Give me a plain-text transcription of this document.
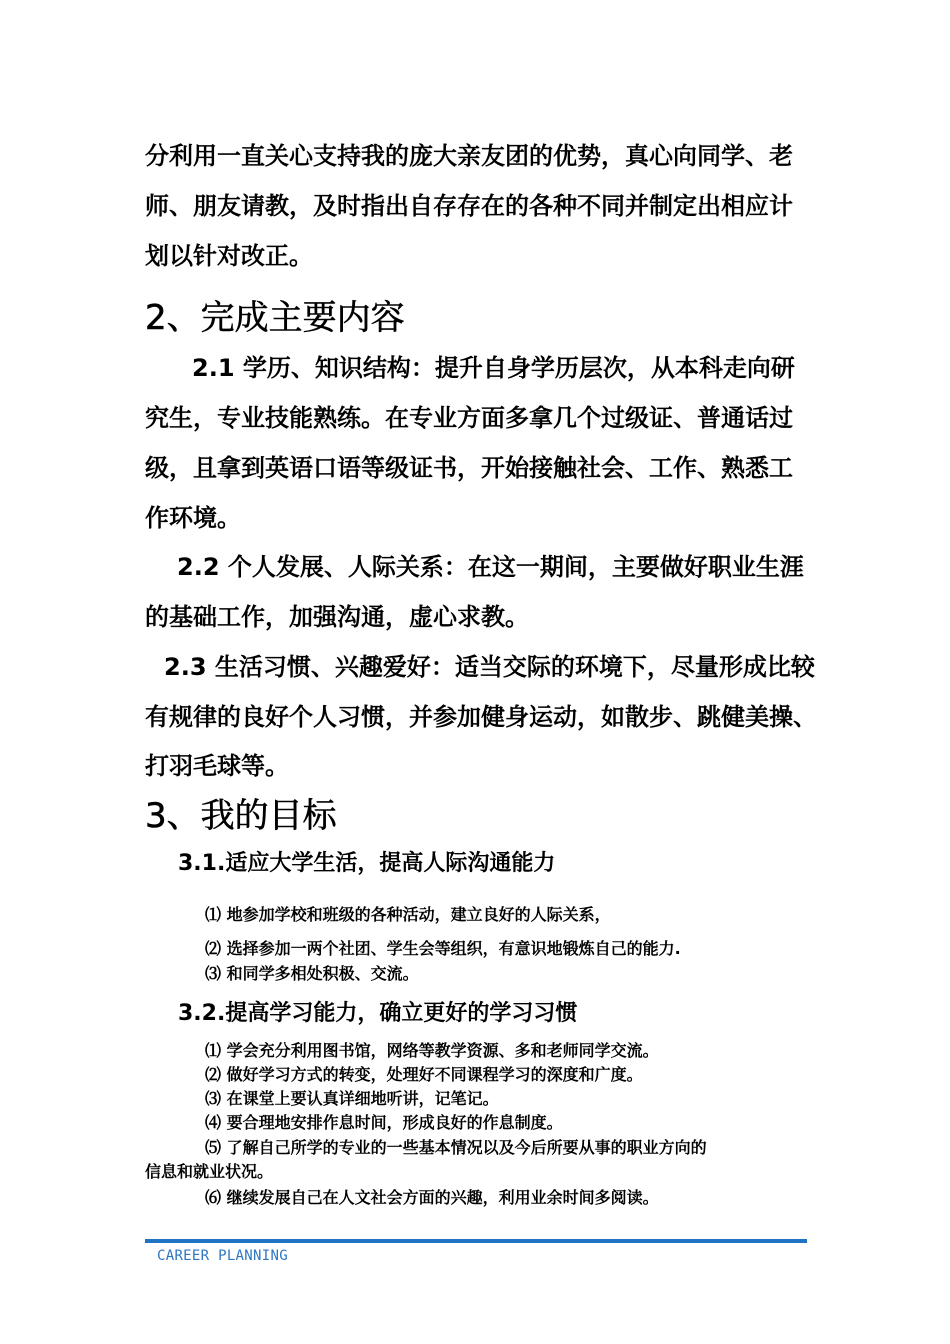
分利用一直关心支持我的庞大亲友团的优势，真心向同学、老
师、朋友请教，及时指出自存存在的各种不同并制定出相应计
划以针对改正。
2、完成主要内容
2.1 学历、知识结构：提升自身学历层次，从本科走向研
究生，专业技能熟练。在专业方面多拿几个过级证、普通话过
级，且拿到英语口语等级证书，开始接触社会、工作、熟悉工
作环境。
2.2 个人发展、人际关系：在这一期间，主要做好职业生涯
的基础工作，加强沟通，虚心求教。
2.3 生活习惯、兴趣爱好：适当交际的环境下，尽量形成比较
有规律的良好个人习惯，并参加健身运动，如散步、跳健美操、
打羽毛球等。
3、我的目标
3.1.适应大学生活，提高人际沟通能力
⑴ 地参加学校和班级的各种活动，建立良好的人际关系，
⑵ 选择参加一两个社团、学生会等组织，有意识地锻炼自己的能力.
⑶ 和同学多相处积极、交流。
3.2.提高学习能力，确立更好的学习习惯
⑴ 学会充分利用图书馆，网络等教学资源、多和老师同学交流。
⑵ 做好学习方式的转变，处理好不同课程学习的深度和广度。
⑶ 在课堂上要认真详细地听讲，记笔记。
⑷ 要合理地安排作息时间，形成良好的作息制度。
⑸ 了解自己所学的专业的一些基本情况以及今后所要从事的职业方向的
信息和就业状况。
⑹ 继续发展自己在人文社会方面的兴趣，利用业余时间多阅读。
CAREER PLANNING
